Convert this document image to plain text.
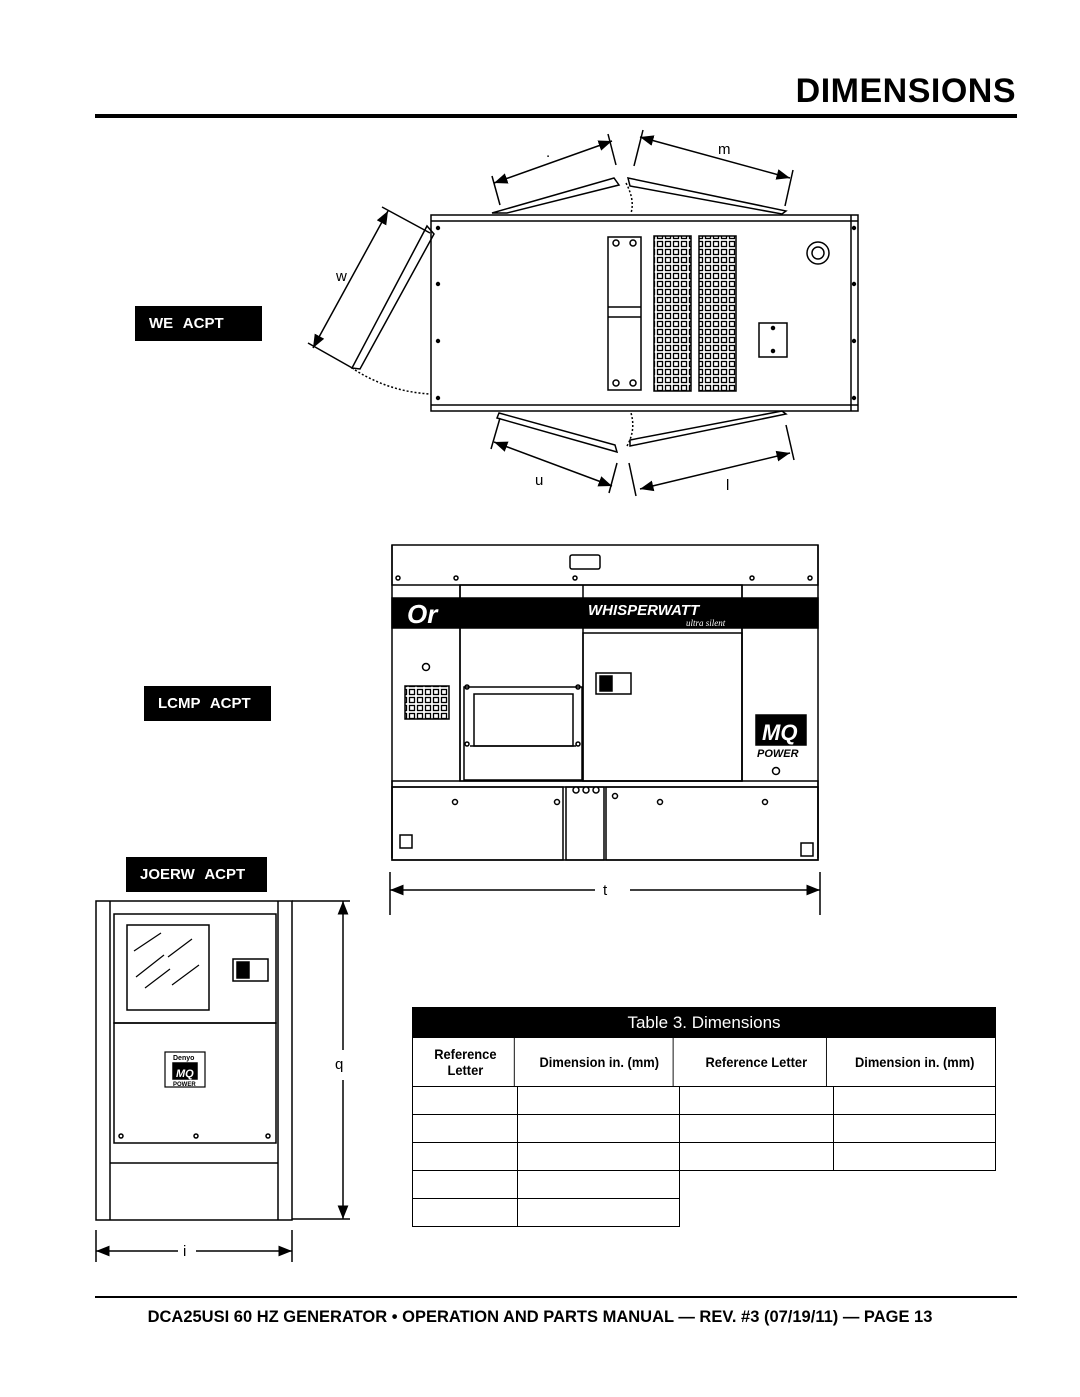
DIMENSIONS
WE ACPT
LCMP ACPT
JOERW ACPT
.	m
w
u	l
Or	WHISPERWATT
ultra silent
MQ
POWER
t
Denyo
MQ
POWER
q
i
Table 3. Dimensions
Reference Letter	Dimension in. (mm)	Reference Letter	Dimension in. (mm)
DCA25USI 60 HZ GENERATOR • OPERATION AND PARTS MANUAL — REV. #3 (07/19/11) — PAGE 13
